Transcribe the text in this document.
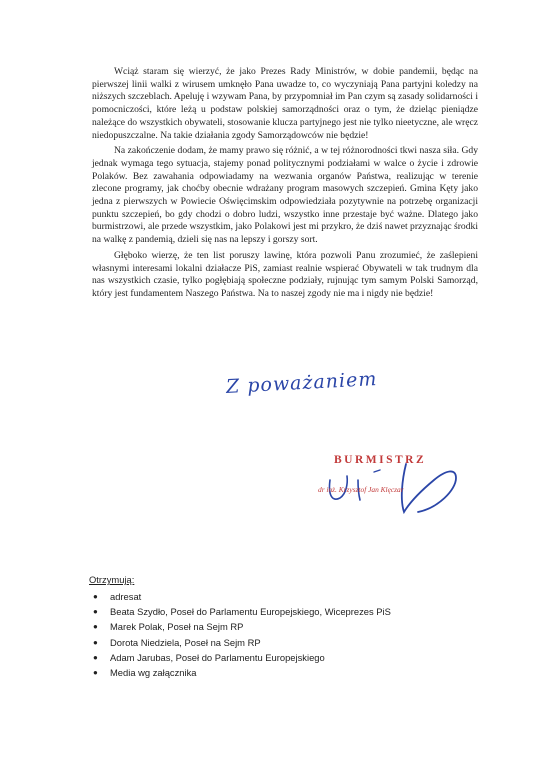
Wciąż staram się wierzyć, że jako Prezes Rady Ministrów, w dobie pandemii, będąc na pierwszej linii walki z wirusem umknęło Pana uwadze to, co wyczyniają Pana partyjni koledzy na niższych szczeblach. Apeluję i wzywam Pana, by przypomniał im Pan czym są zasady solidarności i pomocniczości, które leżą u podstaw polskiej samorządności oraz o tym, że dzieląc pieniądze należące do wszystkich obywateli, stosowanie klucza partyjnego jest nie tylko nieetyczne, ale wręcz niedopuszczalne. Na takie działania zgody Samorządowców nie będzie!

Na zakończenie dodam, że mamy prawo się różnić, a w tej różnorodności tkwi nasza siła. Gdy jednak wymaga tego sytuacja, stajemy ponad politycznymi podziałami w walce o życie i zdrowie Polaków. Bez zawahania odpowiadamy na wezwania organów Państwa, realizując w terenie zlecone programy, jak choćby obecnie wdrażany program masowych szczepień. Gmina Kęty jako jedna z pierwszych w Powiecie Oświęcimskim odpowiedziała pozytywnie na potrzebę organizacji punktu szczepień, bo gdy chodzi o dobro ludzi, wszystko inne przestaje być ważne. Dlatego jako burmistrzowi, ale przede wszystkim, jako Polakowi jest mi przykro, że dziś nawet przyznając środki na walkę z pandemią, dzieli się nas na lepszy i gorszy sort.

Głęboko wierzę, że ten list poruszy lawinę, która pozwoli Panu zrozumieć, że zaślepieni własnymi interesami lokalni działacze PiS, zamiast realnie wspierać Obywateli w tak trudnym dla nas wszystkich czasie, tylko pogłębiają społeczne podziały, rujnując tym samym Polski Samorząd, który jest fundamentem Naszego Państwa. Na to naszej zgody nie ma i nigdy nie będzie!

Z poważaniem
BURMISTRZ
dr inż. Krzysztof Jan Klęczar
Otrzymują:
● adresat
● Beata Szydło, Poseł do Parlamentu Europejskiego, Wiceprezes PiS
● Marek Polak, Poseł na Sejm RP
● Dorota Niedziela, Poseł na Sejm RP
● Adam Jarubas, Poseł do Parlamentu Europejskiego
● Media wg załącznika
